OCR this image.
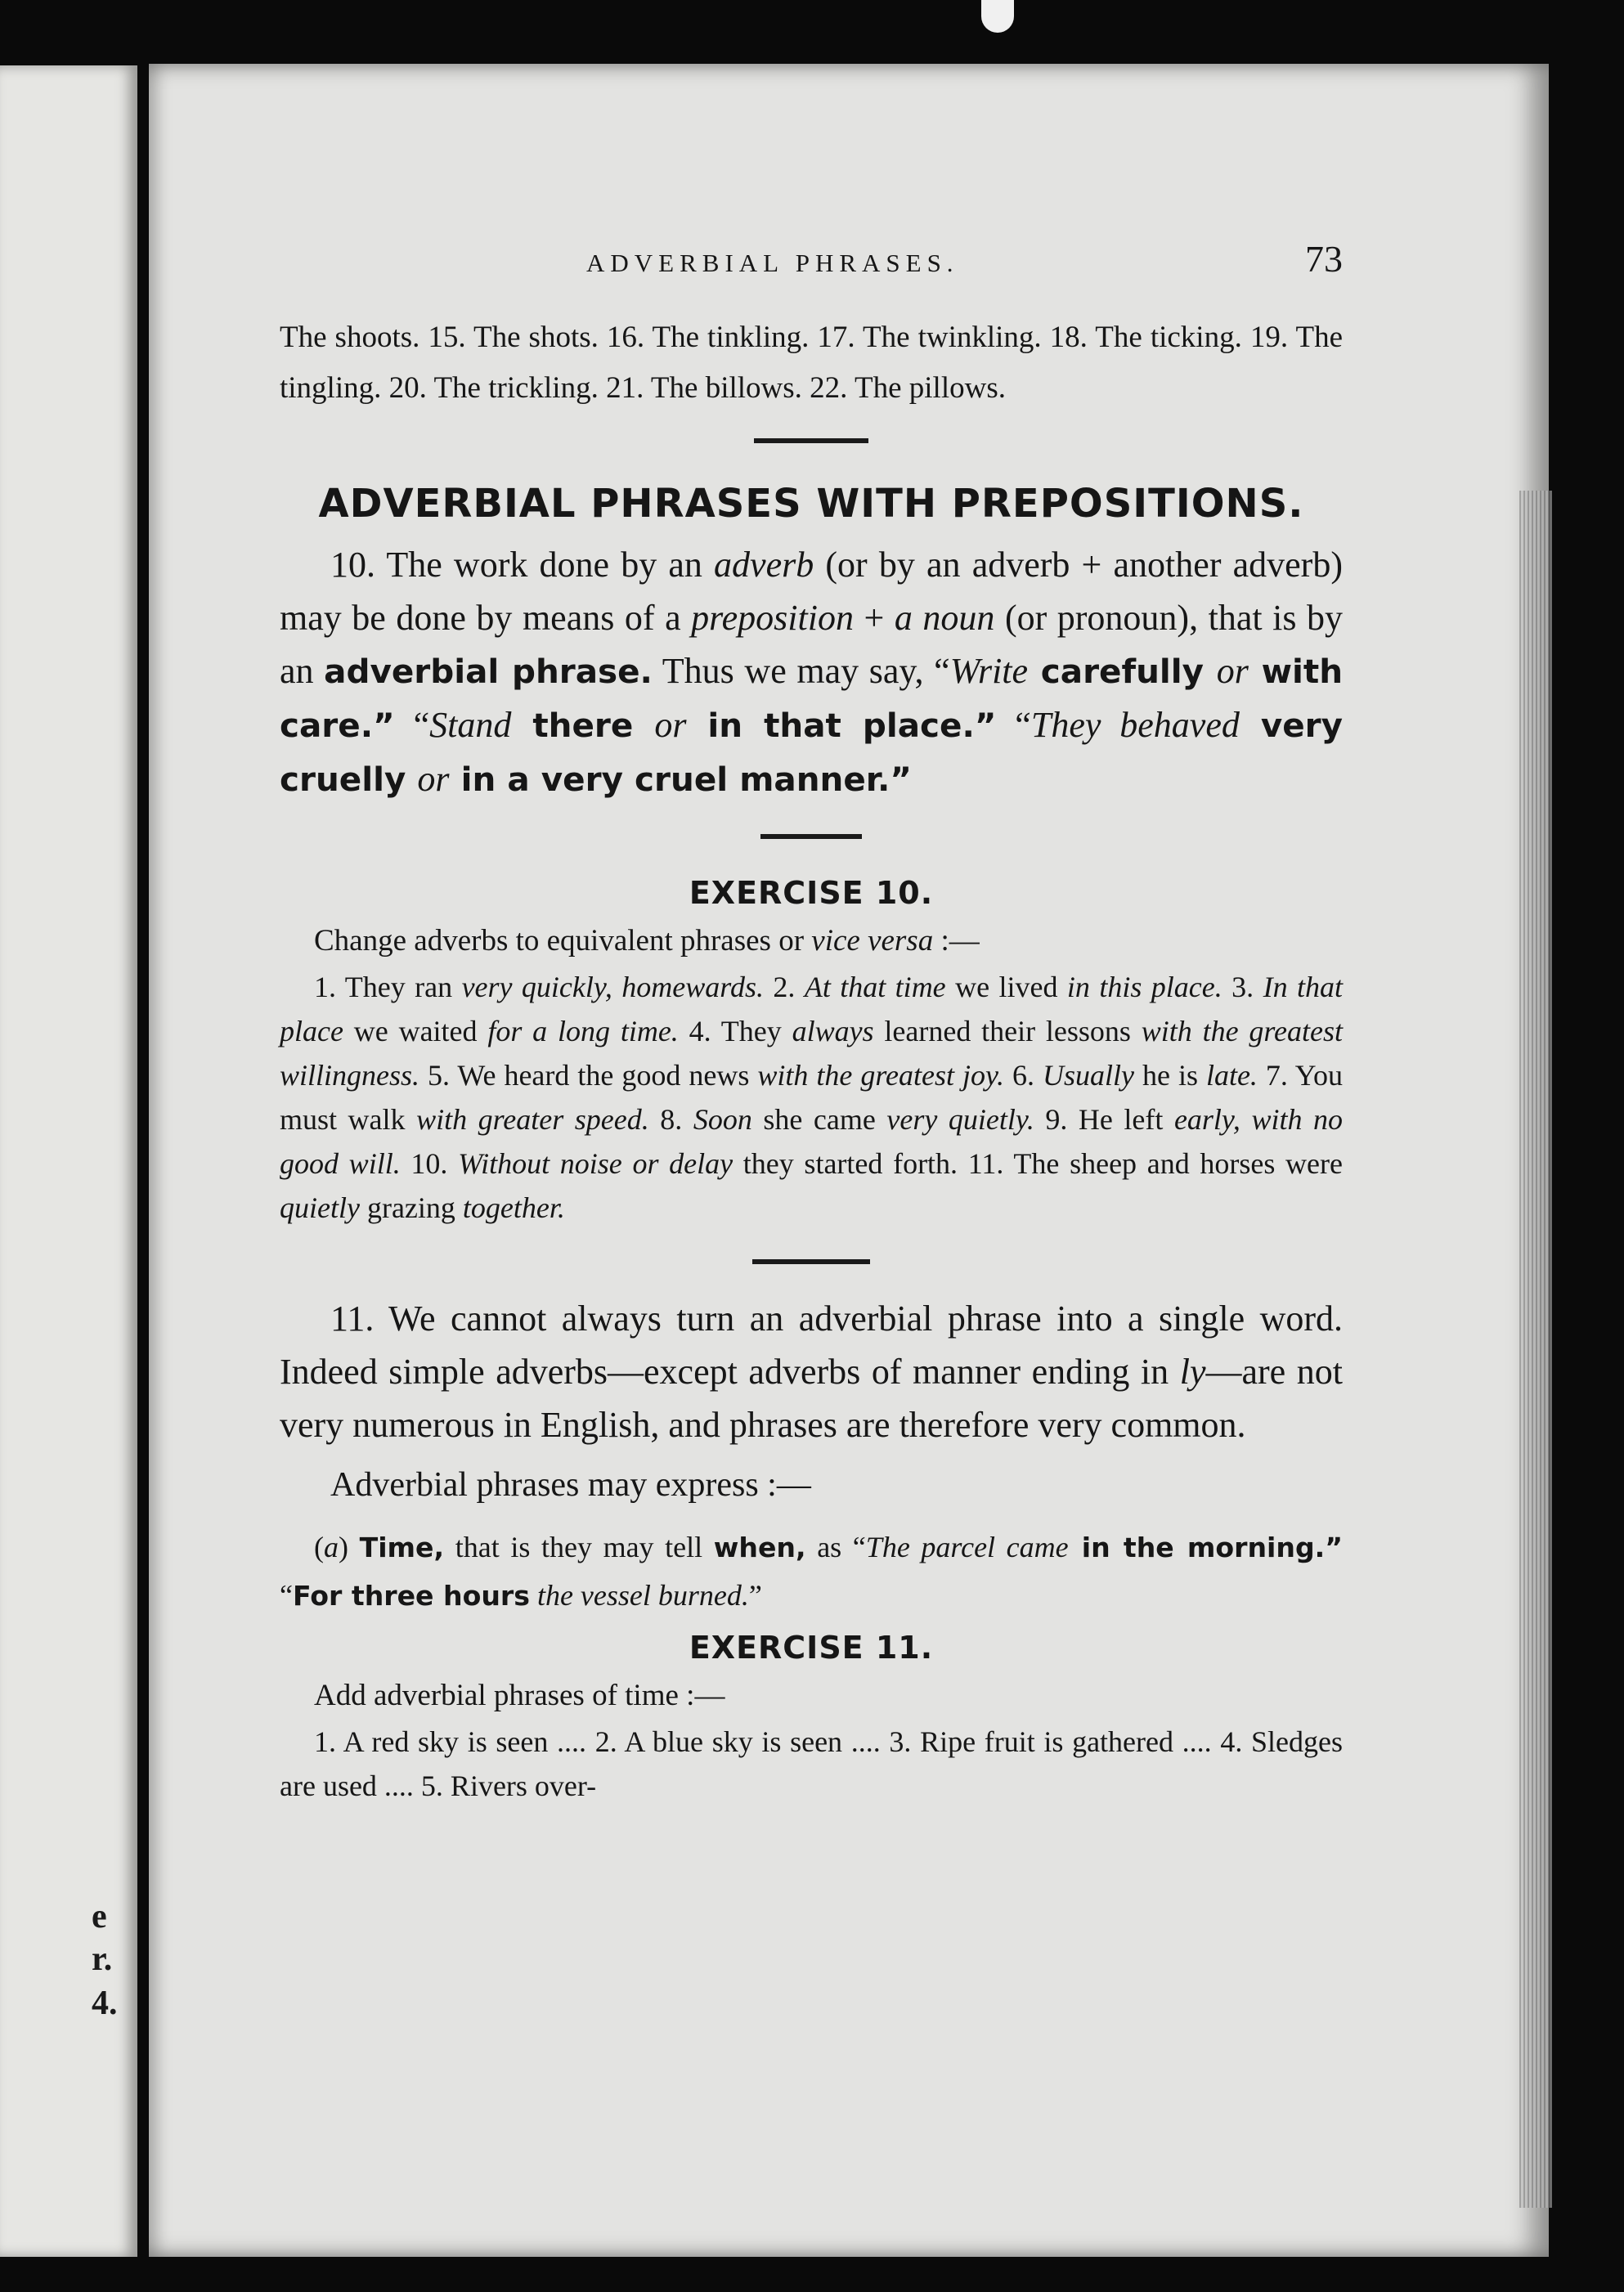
e
r.
4.
ADVERBIAL PHRASES.	73

The shoots. 15. The shots. 16. The tinkling. 17. The twinkling. 18. The ticking. 19. The tingling. 20. The trickling. 21. The billows. 22. The pillows.

ADVERBIAL PHRASES WITH PREPOSITIONS.

10. The work done by an adverb (or by an adverb + another adverb) may be done by means of a preposition + a noun (or pronoun), that is by an adverbial phrase. Thus we may say, “Write carefully or with care.” “Stand there or in that place.” “They behaved very cruelly or in a very cruel manner.”

EXERCISE 10.

Change adverbs to equivalent phrases or vice versa :—

1. They ran very quickly, homewards. 2. At that time we lived in this place. 3. In that place we waited for a long time. 4. They always learned their lessons with the greatest willingness. 5. We heard the good news with the greatest joy. 6. Usually he is late. 7. You must walk with greater speed. 8. Soon she came very quietly. 9. He left early, with no good will. 10. Without noise or delay they started forth. 11. The sheep and horses were quietly grazing together.

11. We cannot always turn an adverbial phrase into a single word. Indeed simple adverbs—except adverbs of manner ending in ly—are not very numerous in English, and phrases are therefore very common.

Adverbial phrases may express :—

(a) Time, that is they may tell when, as “The parcel came in the morning.” “For three hours the vessel burned.”

EXERCISE 11.

Add adverbial phrases of time :—

1. A red sky is seen .... 2. A blue sky is seen .... 3. Ripe fruit is gathered .... 4. Sledges are used .... 5. Rivers over-
